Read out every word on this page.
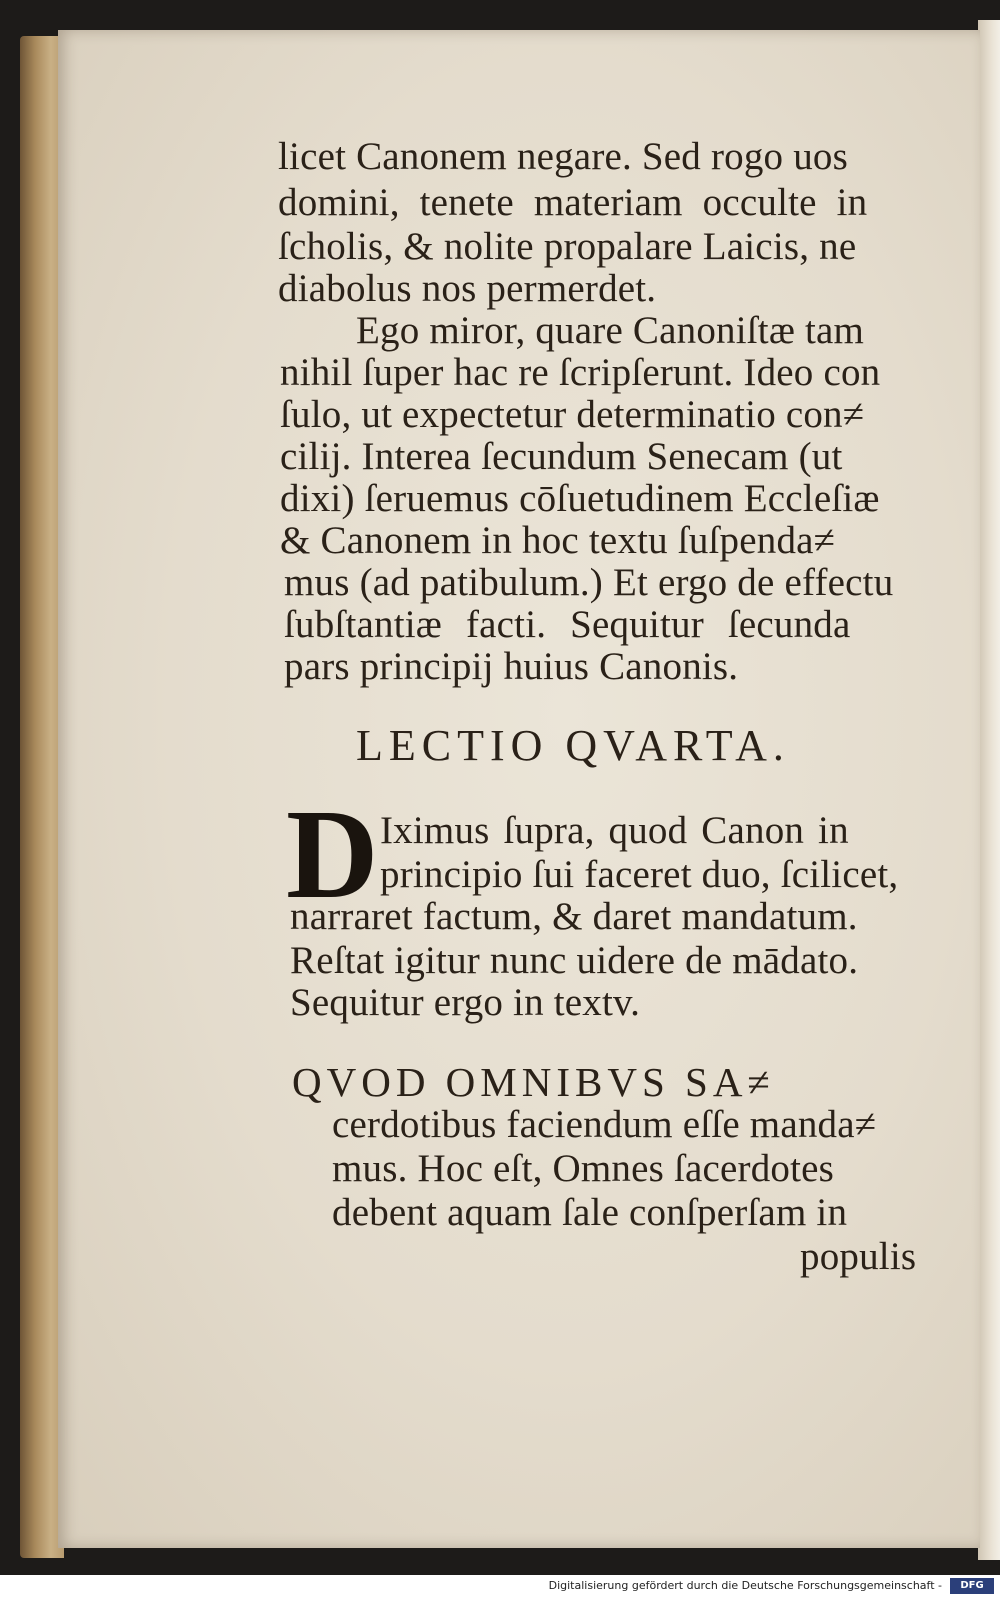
licet Canonem negare. Sed rogo uos
domini, tenete materiam occulte in
ſcholis, & nolite propalare Laicis, ne
diabolus nos permerdet.
Ego miror, quare Canoniſtæ tam
nihil ſuper hac re ſcripſerunt. Ideo con
ſulo, ut expectetur determinatio con≠
cilij. Interea ſecundum Senecam (ut
dixi) ſeruemus cōſuetudinem Eccleſiæ
& Canonem in hoc textu ſuſpenda≠
mus (ad patibulum.) Et ergo de effectu
ſubſtantiæ facti. Sequitur ſecunda
pars principij huius Canonis.
LECTIO QVARTA.
D Iximus ſupra, quod Canon in
principio ſui faceret duo, ſcilicet,
narraret factum, & daret mandatum.
Reſtat igitur nunc uidere de mādato.
Sequitur ergo in textv.
QVOD OMNIBVS SA≠
cerdotibus faciendum eſſe manda≠
mus. Hoc eſt, Omnes ſacerdotes
debent aquam ſale conſperſam in
populis
Digitalisierung gefördert durch die Deutsche Forschungsgemeinschaft -	DFG
